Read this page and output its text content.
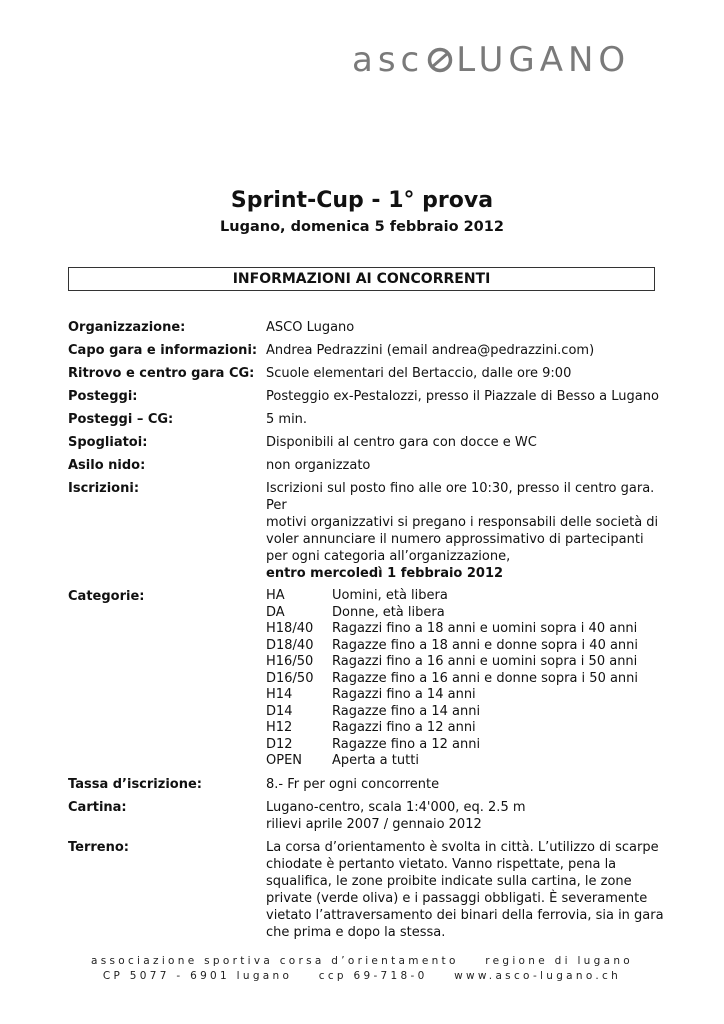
asc LUGANO
Sprint-Cup - 1° prova
Lugano, domenica 5 febbraio 2012
INFORMAZIONI AI CONCORRENTI
Organizzazione:	ASCO Lugano
Capo gara e informazioni: Andrea Pedrazzini (email andrea@pedrazzini.com)
Ritrovo e centro gara CG: Scuole elementari del Bertaccio, dalle ore 9:00
Posteggi:	Posteggio ex-Pestalozzi, presso il Piazzale di Besso a Lugano
Posteggi – CG:	5 min.
Spogliatoi:	Disponibili al centro gara con docce e WC
Asilo nido:	non organizzato
Iscrizioni:	Iscrizioni sul posto fino alle ore 10:30, presso il centro gara. Per
motivi organizzativi si pregano i responsabili delle società di
voler annunciare il numero approssimativo di partecipanti
per ogni categoria all’organizzazione,
entro mercoledì 1 febbraio 2012
Categorie:	HA	Uomini, età libera
DA	Donne, età libera
H18/40	Ragazzi fino a 18 anni e uomini sopra i 40 anni
D18/40	Ragazze fino a 18 anni e donne sopra i 40 anni
H16/50	Ragazzi fino a 16 anni e uomini sopra i 50 anni
D16/50	Ragazze fino a 16 anni e donne sopra i 50 anni
H14	Ragazzi fino a 14 anni
D14	Ragazze fino a 14 anni
H12	Ragazzi fino a 12 anni
D12	Ragazze fino a 12 anni
OPEN	Aperta a tutti
Tassa d’iscrizione:	8.- Fr per ogni concorrente
Cartina:	Lugano-centro, scala 1:4'000, eq. 2.5 m
rilievi aprile 2007 / gennaio 2012
Terreno:	La corsa d’orientamento è svolta in città. L’utilizzo di scarpe
chiodate è pertanto vietato. Vanno rispettate, pena la
squalifica, le zone proibite indicate sulla cartina, le zone
private (verde oliva) e i passaggi obbligati. È severamente
vietato l’attraversamento dei binari della ferrovia, sia in gara
che prima e dopo la stessa.
associazione sportiva corsa d’orientamento    regione di lugano
CP 5077 - 6901 lugano    ccp 69-718-0    www.asco-lugano.ch
